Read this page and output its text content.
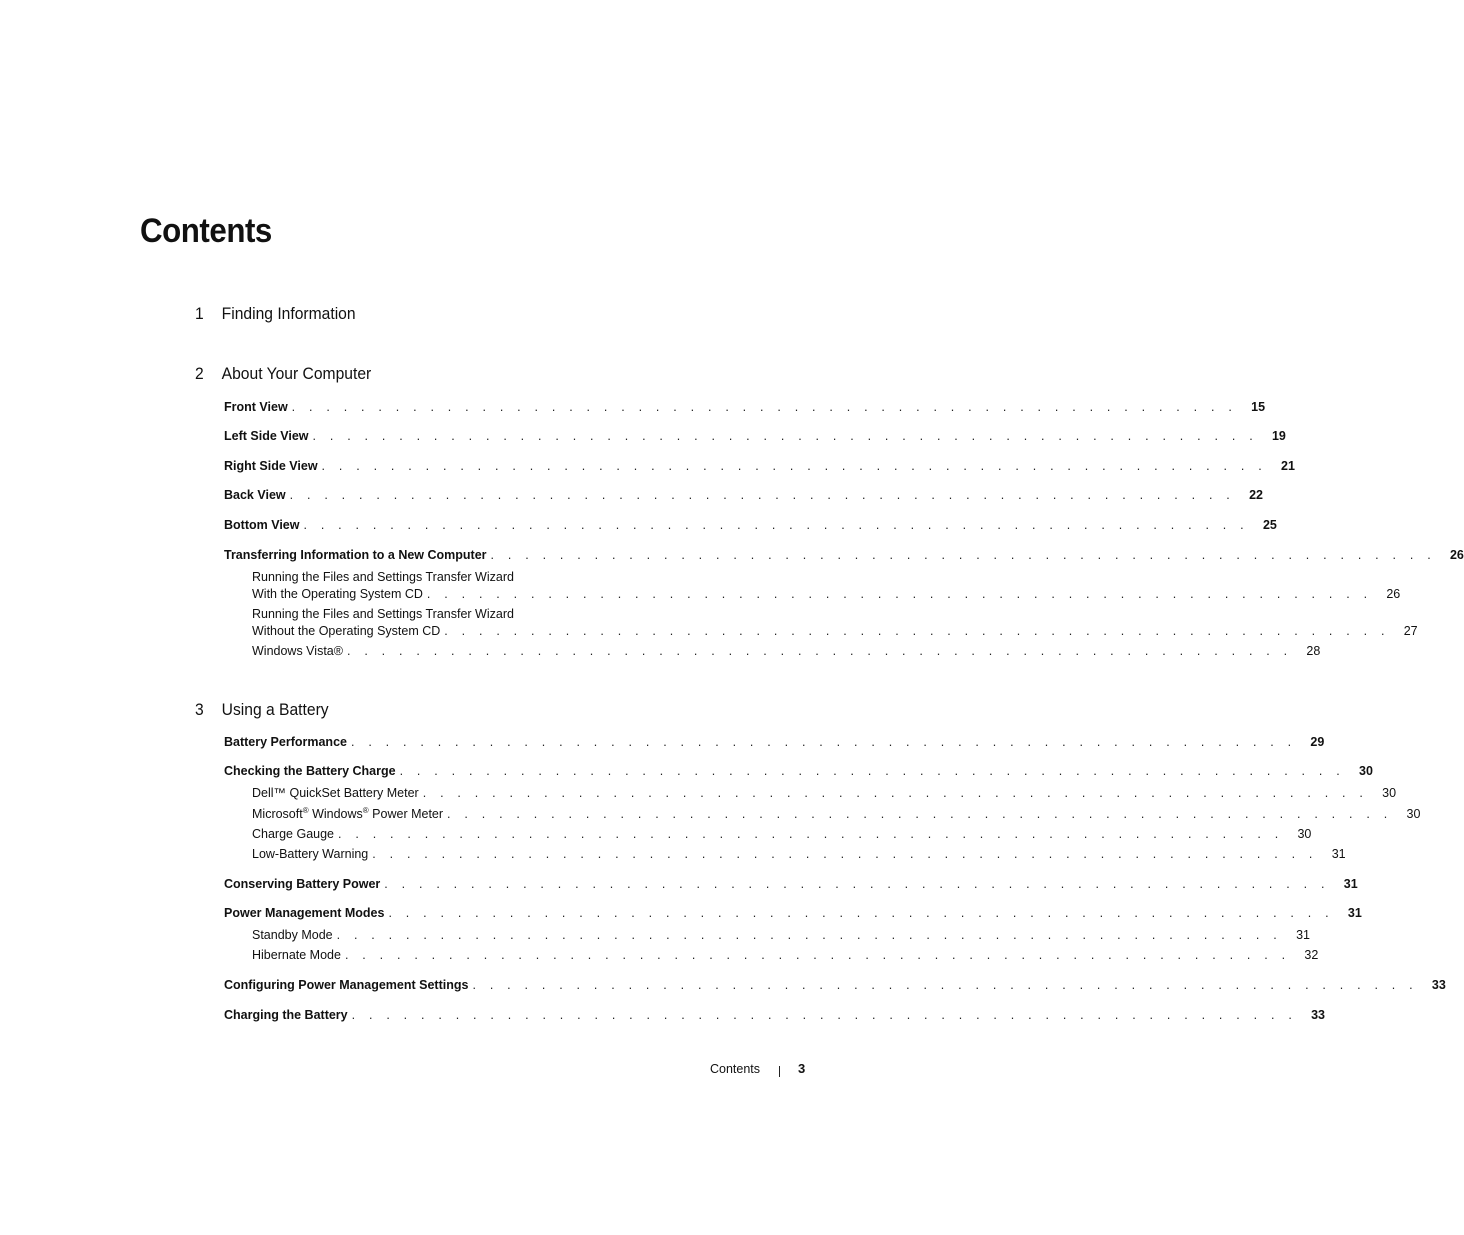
Contents
1 Finding Information
2 About Your Computer
Front View . . . . . . . . . . . . . . . . . . . . . . . . . . . . . . . . . . . . . . . . . . . . . . . . . . . . . . .	15
Left Side View . . . . . . . . . . . . . . . . . . . . . . . . . . . . . . . . . . . . . . . . . . . . . . . . . . . . . . .	19
Right Side View . . . . . . . . . . . . . . . . . . . . . . . . . . . . . . . . . . . . . . . . . . . . . . . . . . . . . . .	21
Back View . . . . . . . . . . . . . . . . . . . . . . . . . . . . . . . . . . . . . . . . . . . . . . . . . . . . . . .	22
Bottom View . . . . . . . . . . . . . . . . . . . . . . . . . . . . . . . . . . . . . . . . . . . . . . . . . . . . . . .	25
Transferring Information to a New Computer . . . . . . . . . . . . . . . . . . . . . . . . . . . . . . . . . . . . . . . . . . . . . . . . . . . . . . .	26
Running the Files and Settings Transfer Wizard
With the Operating System CD . . . . . . . . . . . . . . . . . . . . . . . . . . . . . . . . . . . . . . . . . . . . . . . . . . . . . . .	26
Running the Files and Settings Transfer Wizard
Without the Operating System CD . . . . . . . . . . . . . . . . . . . . . . . . . . . . . . . . . . . . . . . . . . . . . . . . . . . . . . .	27
Windows Vista® . . . . . . . . . . . . . . . . . . . . . . . . . . . . . . . . . . . . . . . . . . . . . . . . . . . . . . .	28
3 Using a Battery
Battery Performance . . . . . . . . . . . . . . . . . . . . . . . . . . . . . . . . . . . . . . . . . . . . . . . . . . . . . . .	29
Checking the Battery Charge . . . . . . . . . . . . . . . . . . . . . . . . . . . . . . . . . . . . . . . . . . . . . . . . . . . . . . .	30
Dell™ QuickSet Battery Meter . . . . . . . . . . . . . . . . . . . . . . . . . . . . . . . . . . . . . . . . . . . . . . . . . . . . . . .	30
Microsoft® Windows® Power Meter . . . . . . . . . . . . . . . . . . . . . . . . . . . . . . . . . . . . . . . . . . . . . . . . . . . . . . .	30
Charge Gauge . . . . . . . . . . . . . . . . . . . . . . . . . . . . . . . . . . . . . . . . . . . . . . . . . . . . . . .	30
Low-Battery Warning . . . . . . . . . . . . . . . . . . . . . . . . . . . . . . . . . . . . . . . . . . . . . . . . . . . . . . .	31
Conserving Battery Power . . . . . . . . . . . . . . . . . . . . . . . . . . . . . . . . . . . . . . . . . . . . . . . . . . . . . . .	31
Power Management Modes . . . . . . . . . . . . . . . . . . . . . . . . . . . . . . . . . . . . . . . . . . . . . . . . . . . . . . .	31
Standby Mode . . . . . . . . . . . . . . . . . . . . . . . . . . . . . . . . . . . . . . . . . . . . . . . . . . . . . . .	31
Hibernate Mode . . . . . . . . . . . . . . . . . . . . . . . . . . . . . . . . . . . . . . . . . . . . . . . . . . . . . . .	32
Configuring Power Management Settings . . . . . . . . . . . . . . . . . . . . . . . . . . . . . . . . . . . . . . . . . . . . . . . . . . . . . . .	33
Charging the Battery . . . . . . . . . . . . . . . . . . . . . . . . . . . . . . . . . . . . . . . . . . . . . . . . . . . . . . .	33
Contents	3
